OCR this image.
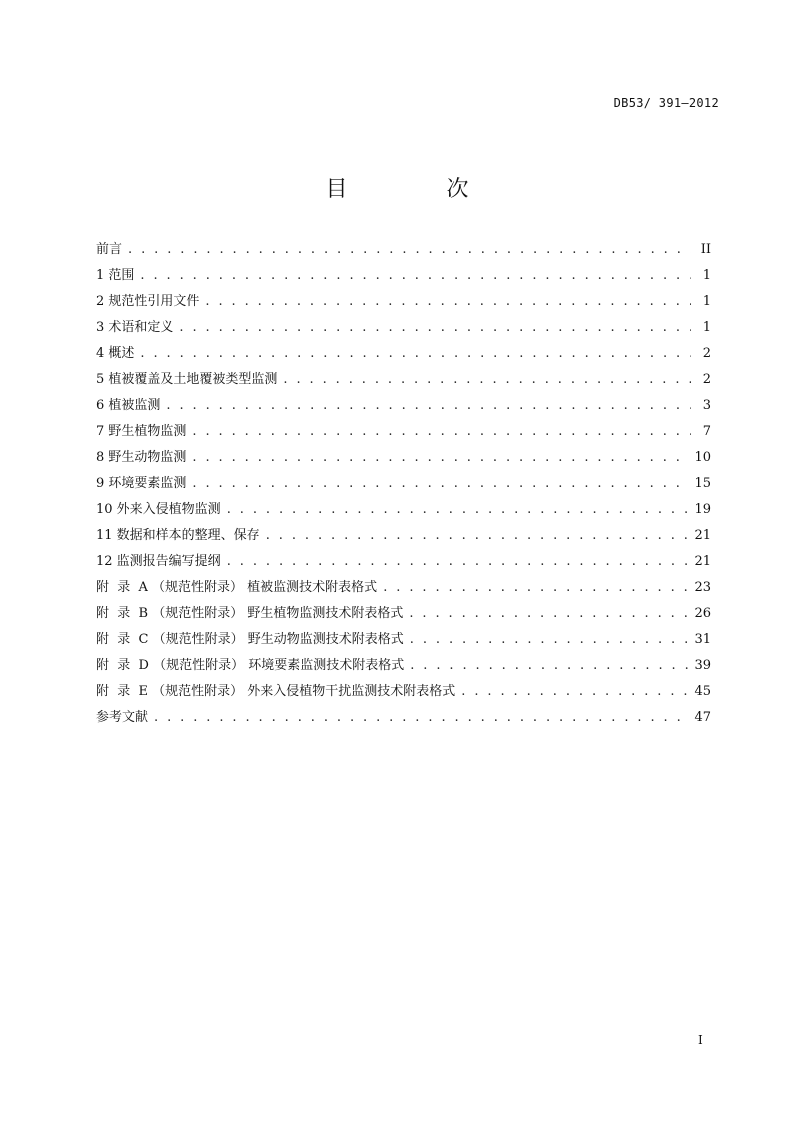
DB53/ 391—2012
目 次
前言 . . .	II
1 范围 . . .	1
2 规范性引用文件 . . .	1
3 术语和定义 . . .	1
4 概述 . . .	2
5 植被覆盖及土地覆被类型监测 . . .	2
6 植被监测 . . .	3
7 野生植物监测 . . .	7
8 野生动物监测 . . .	10
9 环境要素监测 . . .	15
10 外来入侵植物监测 . . .	19
11 数据和样本的整理、保存 . . .	21
12 监测报告编写提纲 . . .	21
附  录  A （规范性附录） 植被监测技术附表格式 . . .	23
附  录  B （规范性附录） 野生植物监测技术附表格式 . . .	26
附  录  C （规范性附录） 野生动物监测技术附表格式 . . .	31
附  录  D （规范性附录） 环境要素监测技术附表格式 . . .	39
附  录  E （规范性附录） 外来入侵植物干扰监测技术附表格式 . . .	45
参考文献 . . .	47
I
